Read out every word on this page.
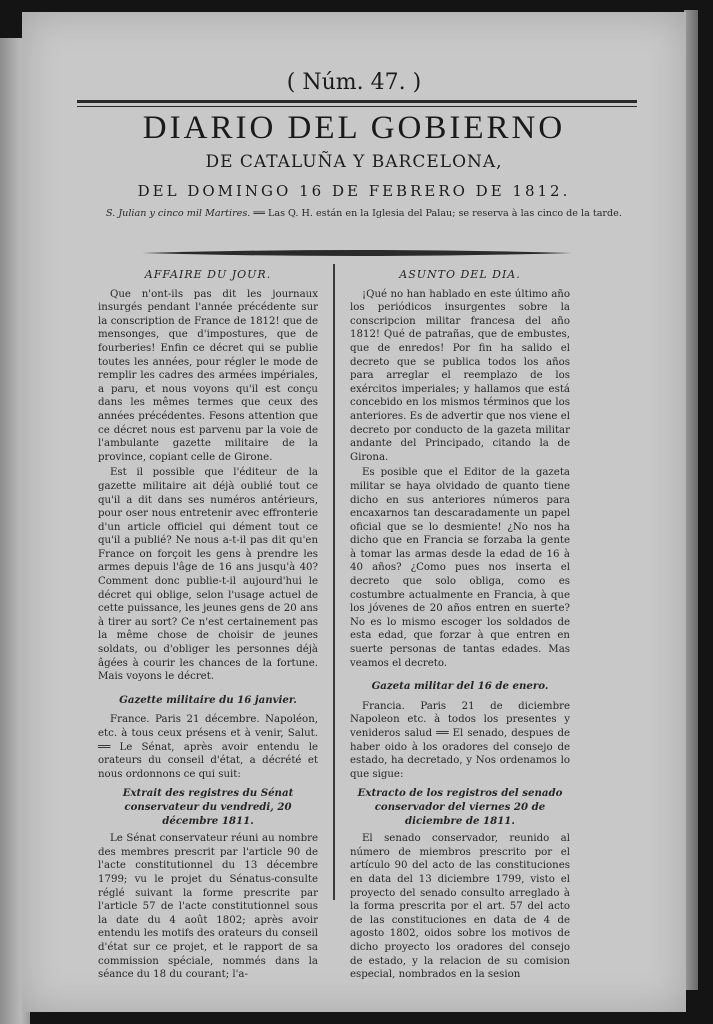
( Núm. 47. )
DIARIO DEL GOBIERNO
DE CATALUÑA Y BARCELONA,
DEL DOMINGO 16 DE FEBRERO DE 1812.
S. Julian y cinco mil Martires. ══ Las Q. H. están en la Iglesia del Palau; se reserva à las cinco de la tarde.

AFFAIRE DU JOUR.

Que n'ont-ils pas dit les journaux insurgés pendant l'année précédente sur la conscription de France de 1812! que de mensonges, que d'impostures, que de fourberies! Enfin ce décret qui se publie toutes les années, pour régler le mode de remplir les cadres des armées impériales, a paru, et nous voyons qu'il est conçu dans les mêmes termes que ceux des années précédentes. Fesons attention que ce décret nous est parvenu par la voie de l'ambulante gazette militaire de la province, copiant celle de Girone.

Est il possible que l'éditeur de la gazette militaire ait déjà oublié tout ce qu'il a dit dans ses numéros antérieurs, pour oser nous entretenir avec effronterie d'un article officiel qui dément tout ce qu'il a publié? Ne nous a-t-il pas dit qu'en France on forçoit les gens à prendre les armes depuis l'âge de 16 ans jusqu'à 40? Comment donc publie-t-il aujourd'hui le décret qui oblige, selon l'usage actuel de cette puissance, les jeunes gens de 20 ans à tirer au sort? Ce n'est certainement pas la même chose de choisir de jeunes soldats, ou d'obliger les personnes déjà âgées à courir les chances de la fortune. Mais voyons le décret.

Gazette militaire du 16 janvier.

France. Paris 21 décembre. Napoléon, etc. à tous ceux présens et à venir, Salut. ══ Le Sénat, après avoir entendu le orateurs du conseil d'état, a décrété et nous ordonnons ce qui suit:

Extrait des registres du Sénat conservateur du vendredi, 20 décembre 1811.

Le Sénat conservateur réuni au nombre des membres prescrit par l'article 90 de l'acte constitutionnel du 13 décembre 1799; vu le projet du Sénatus-consulte réglé suivant la forme prescrite par l'article 57 de l'acte constitutionnel sous la date du 4 août 1802; après avoir entendu les motifs des orateurs du conseil d'état sur ce projet, et le rapport de sa commission spéciale, nommés dans la séance du 18 du courant; l'a-

ASUNTO DEL DIA.

¡Qué no han hablado en este último año los periódicos insurgentes sobre la conscripcion militar francesa del año 1812! Qué de patrañas, que de embustes, que de enredos! Por fin ha salido el decreto que se publica todos los años para arreglar el reemplazo de los exércitos imperiales; y hallamos que está concebido en los mismos términos que los anteriores. Es de advertir que nos viene el decreto por conducto de la gazeta militar andante del Principado, citando la de Girona.

Es posible que el Editor de la gazeta militar se haya olvidado de quanto tiene dicho en sus anteriores números para encaxarnos tan descaradamente un papel oficial que se lo desmiente! ¿No nos ha dicho que en Francia se forzaba la gente à tomar las armas desde la edad de 16 à 40 años? ¿Como pues nos inserta el decreto que solo obliga, como es costumbre actualmente en Francia, à que los jóvenes de 20 años entren en suerte? No es lo mismo escoger los soldados de esta edad, que forzar à que entren en suerte personas de tantas edades. Mas veamos el decreto.

Gazeta militar del 16 de enero.

Francia. Paris 21 de diciembre Napoleon etc. à todos los presentes y venideros salud ══ El senado, despues de haber oido à los oradores del consejo de estado, ha decretado, y Nos ordenamos lo que sigue:

Extracto de los registros del senado conservador del viernes 20 de diciembre de 1811.

El senado conservador, reunido al número de miembros prescrito por el artículo 90 del acto de las constituciones en data del 13 diciembre 1799, visto el proyecto del senado consulto arreglado à la forma prescrita por el art. 57 del acto de las constituciones en data de 4 de agosto 1802, oidos sobre los motivos de dicho proyecto los oradores del consejo de estado, y la relacion de su comision especial, nombrados en la sesion
